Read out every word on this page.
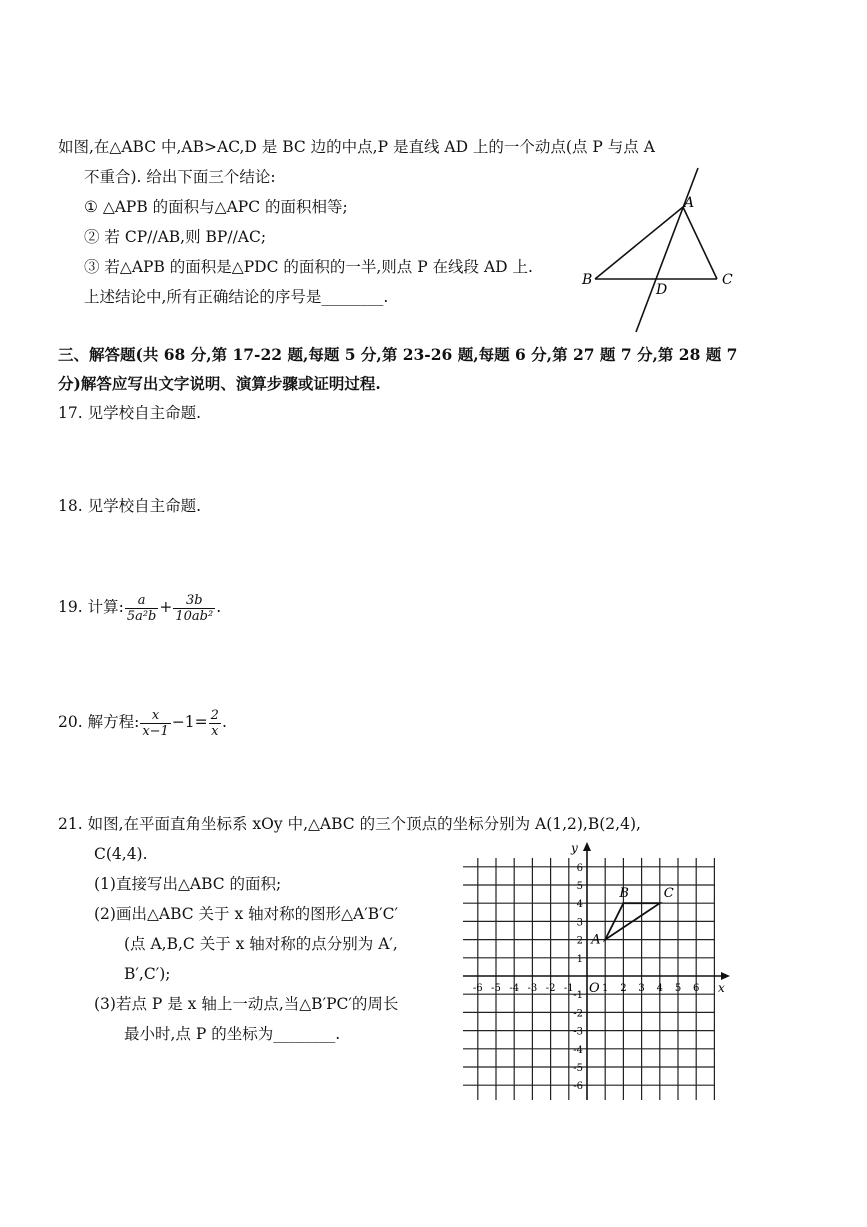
如图,在△ABC 中,AB>AC,D 是 BC 边的中点,P 是直线 AD 上的一个动点(点 P 与点 A
不重合). 给出下面三个结论:
① △APB 的面积与△APC 的面积相等;
② 若 CP//AB,则 BP//AC;
③ 若△APB 的面积是△PDC 的面积的一半,则点 P 在线段 AD 上.
上述结论中,所有正确结论的序号是________.
A
B	C
D
三、解答题(共 68 分,第 17-22 题,每题 5 分,第 23-26 题,每题 6 分,第 27 题 7 分,第 28 题 7
分)解答应写出文字说明、演算步骤或证明过程.
17. 见学校自主命题.
18. 见学校自主命题.
19. 计算: $\frac{a}{\text{5a²b}} + \frac{3b}{\text{10ab²}}$ .
20. 解方程: $\frac{x}{x-1} -1= \frac{2}{x}$ .
21. 如图,在平面直角坐标系 xOy 中,△ABC 的三个顶点的坐标分别为 A(1,2),B(2,4),
C(4,4).
(1)直接写出△ABC 的面积;
(2)画出△ABC 关于 x 轴对称的图形△A′B′C′
(点 A,B,C 关于 x 轴对称的点分别为 A′,
B′,C′);
(3)若点 P 是 x 轴上一动点,当△B′PC′的周长
最小时,点 P 的坐标为________.
x
y
O
-6 -5 -4 -3 -2 -1	1 2 3 4 5 6
6
5
4
3
2
1
-1
-2
-3
-4
-5
-6
A
B	C
